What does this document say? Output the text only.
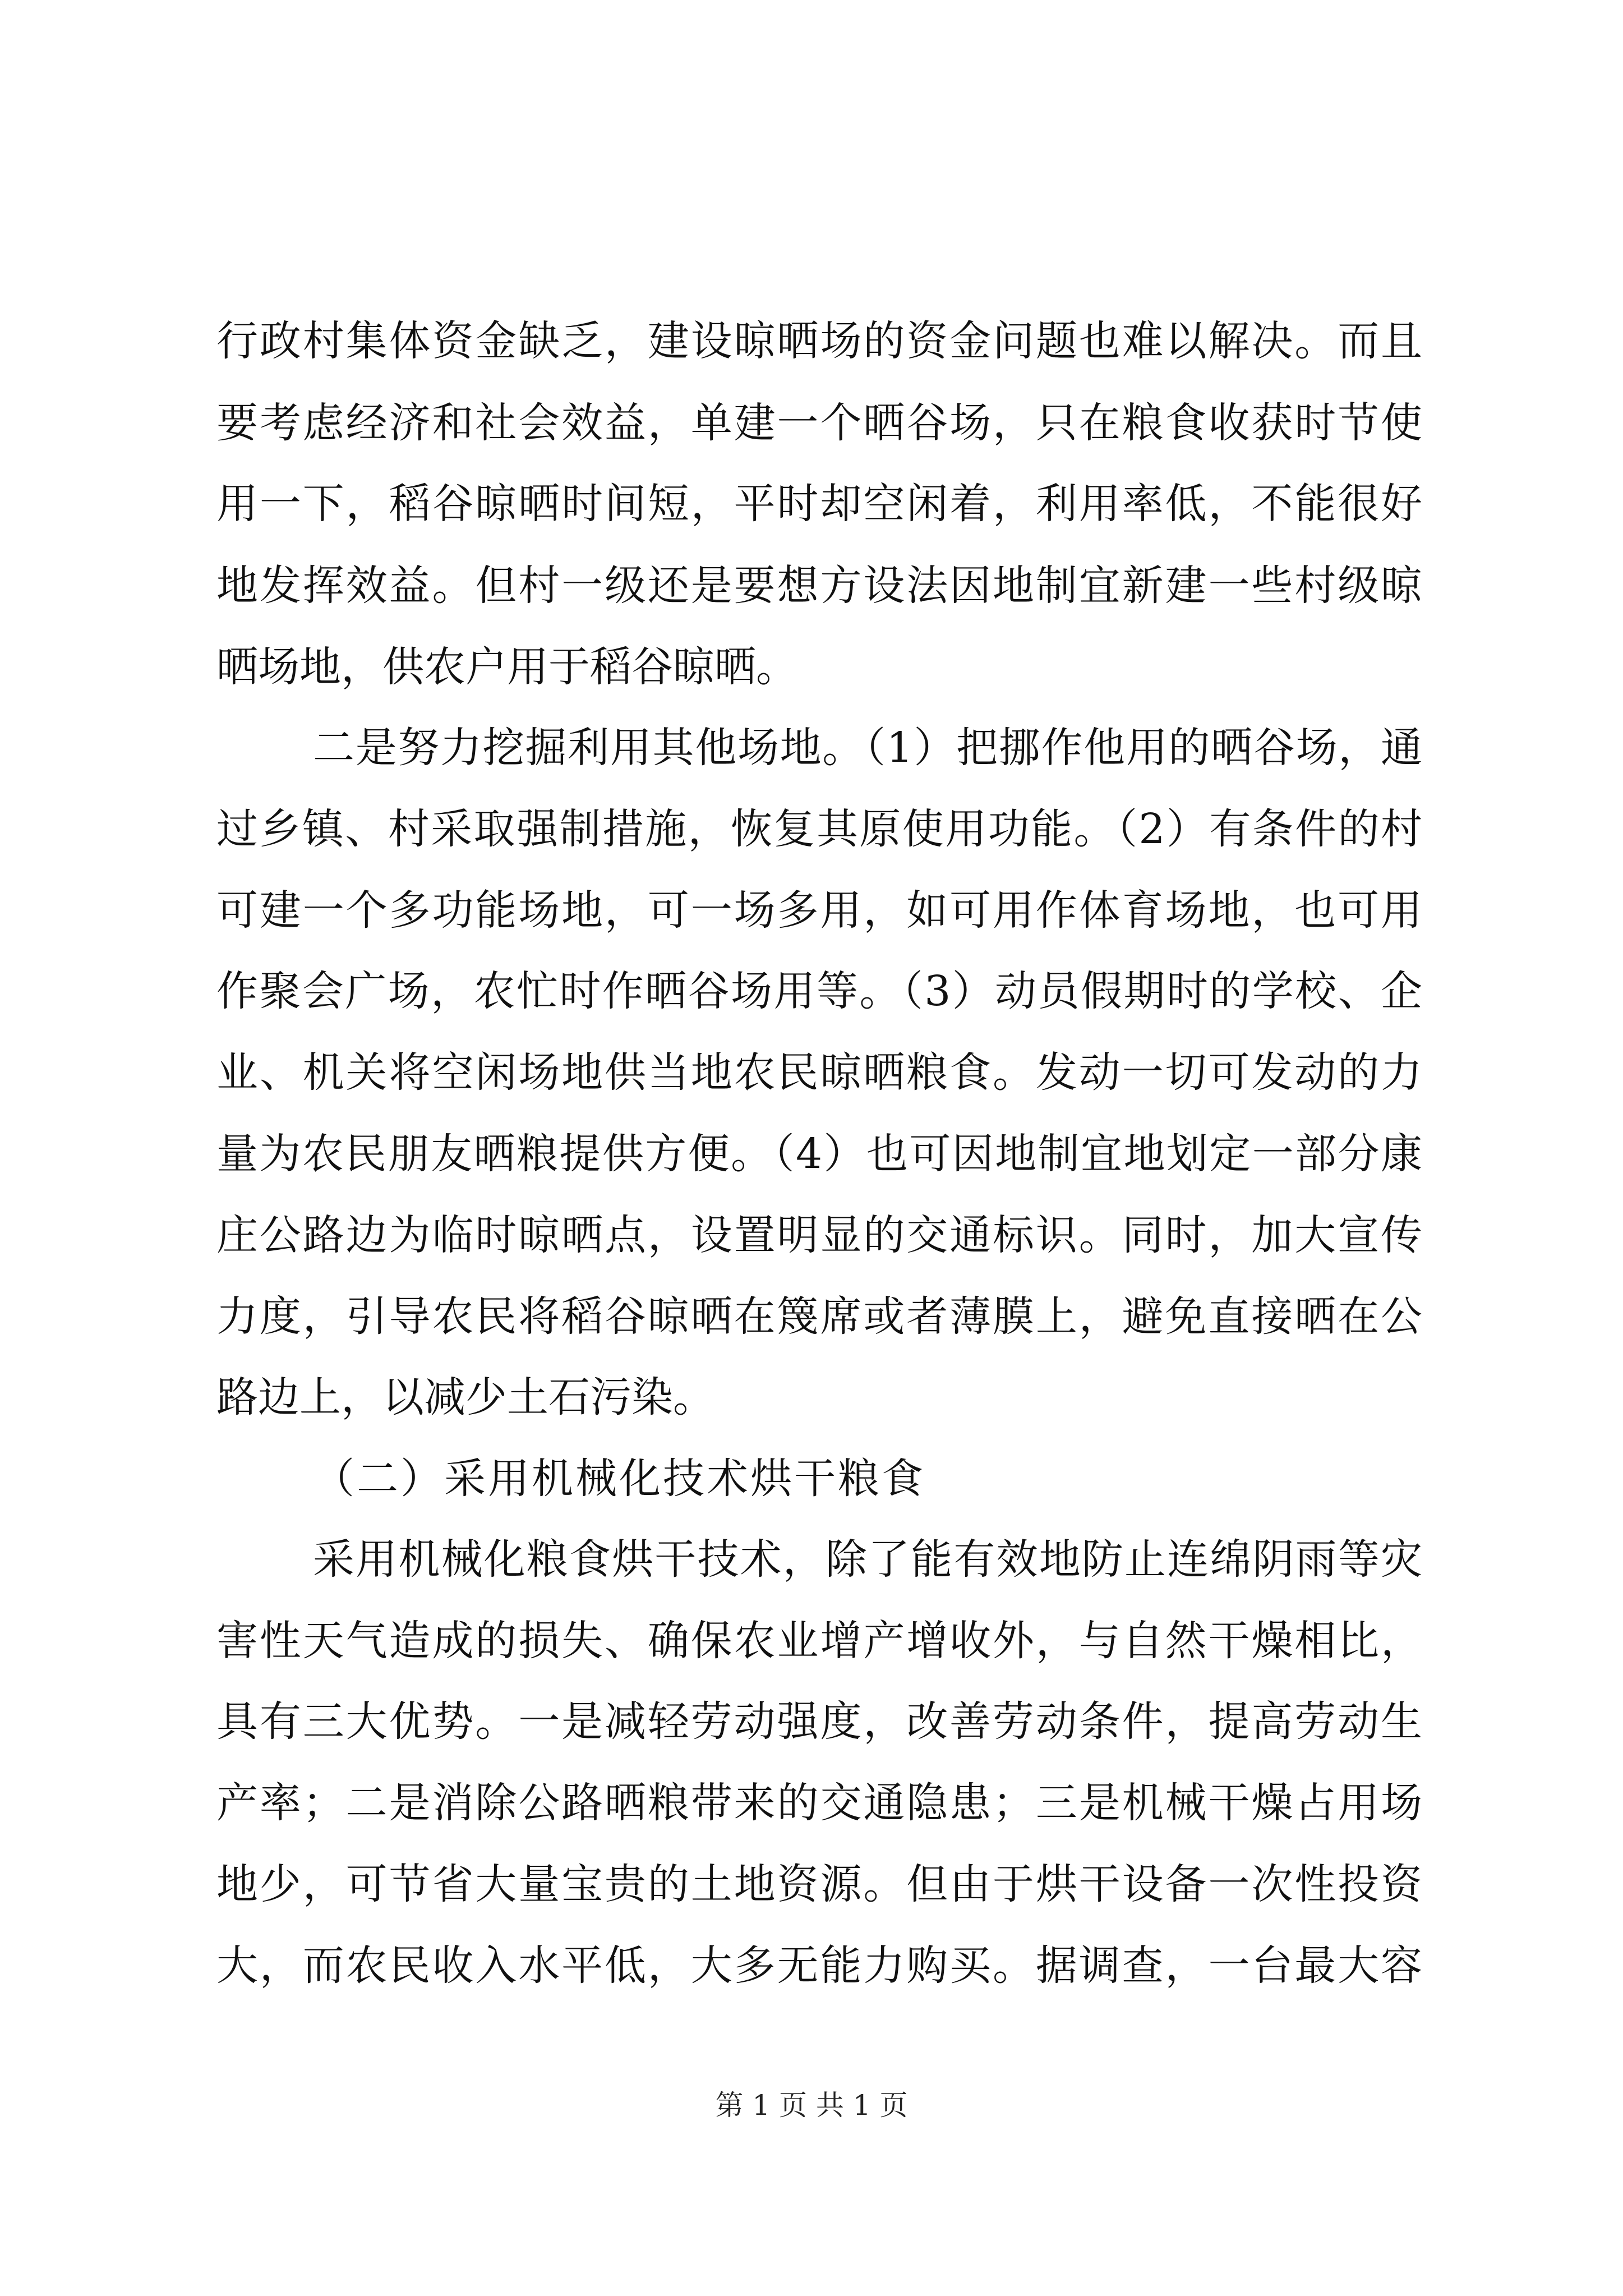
行政村集体资金缺乏，建设晾晒场的资金问题也难以解决。而且
要考虑经济和社会效益，单建一个晒谷场，只在粮食收获时节使
用一下，稻谷晾晒时间短，平时却空闲着，利用率低，不能很好
地发挥效益。但村一级还是要想方设法因地制宜新建一些村级晾
晒场地，供农户用于稻谷晾晒。
二是努力挖掘利用其他场地。（1）把挪作他用的晒谷场，通
过乡镇、村采取强制措施，恢复其原使用功能。（2）有条件的村
可建一个多功能场地，可一场多用，如可用作体育场地，也可用
作聚会广场，农忙时作晒谷场用等。（3）动员假期时的学校、企
业、机关将空闲场地供当地农民晾晒粮食。发动一切可发动的力
量为农民朋友晒粮提供方便。（4）也可因地制宜地划定一部分康
庄公路边为临时晾晒点，设置明显的交通标识。同时，加大宣传
力度，引导农民将稻谷晾晒在篾席或者薄膜上，避免直接晒在公
路边上，以减少土石污染。
（二）采用机械化技术烘干粮食
采用机械化粮食烘干技术，除了能有效地防止连绵阴雨等灾
害性天气造成的损失、确保农业增产增收外，与自然干燥相比，
具有三大优势。一是减轻劳动强度，改善劳动条件，提高劳动生
产率；二是消除公路晒粮带来的交通隐患；三是机械干燥占用场
地少，可节省大量宝贵的土地资源。但由于烘干设备一次性投资
大，而农民收入水平低，大多无能力购买。据调查，一台最大容
第 1 页 共 1 页
